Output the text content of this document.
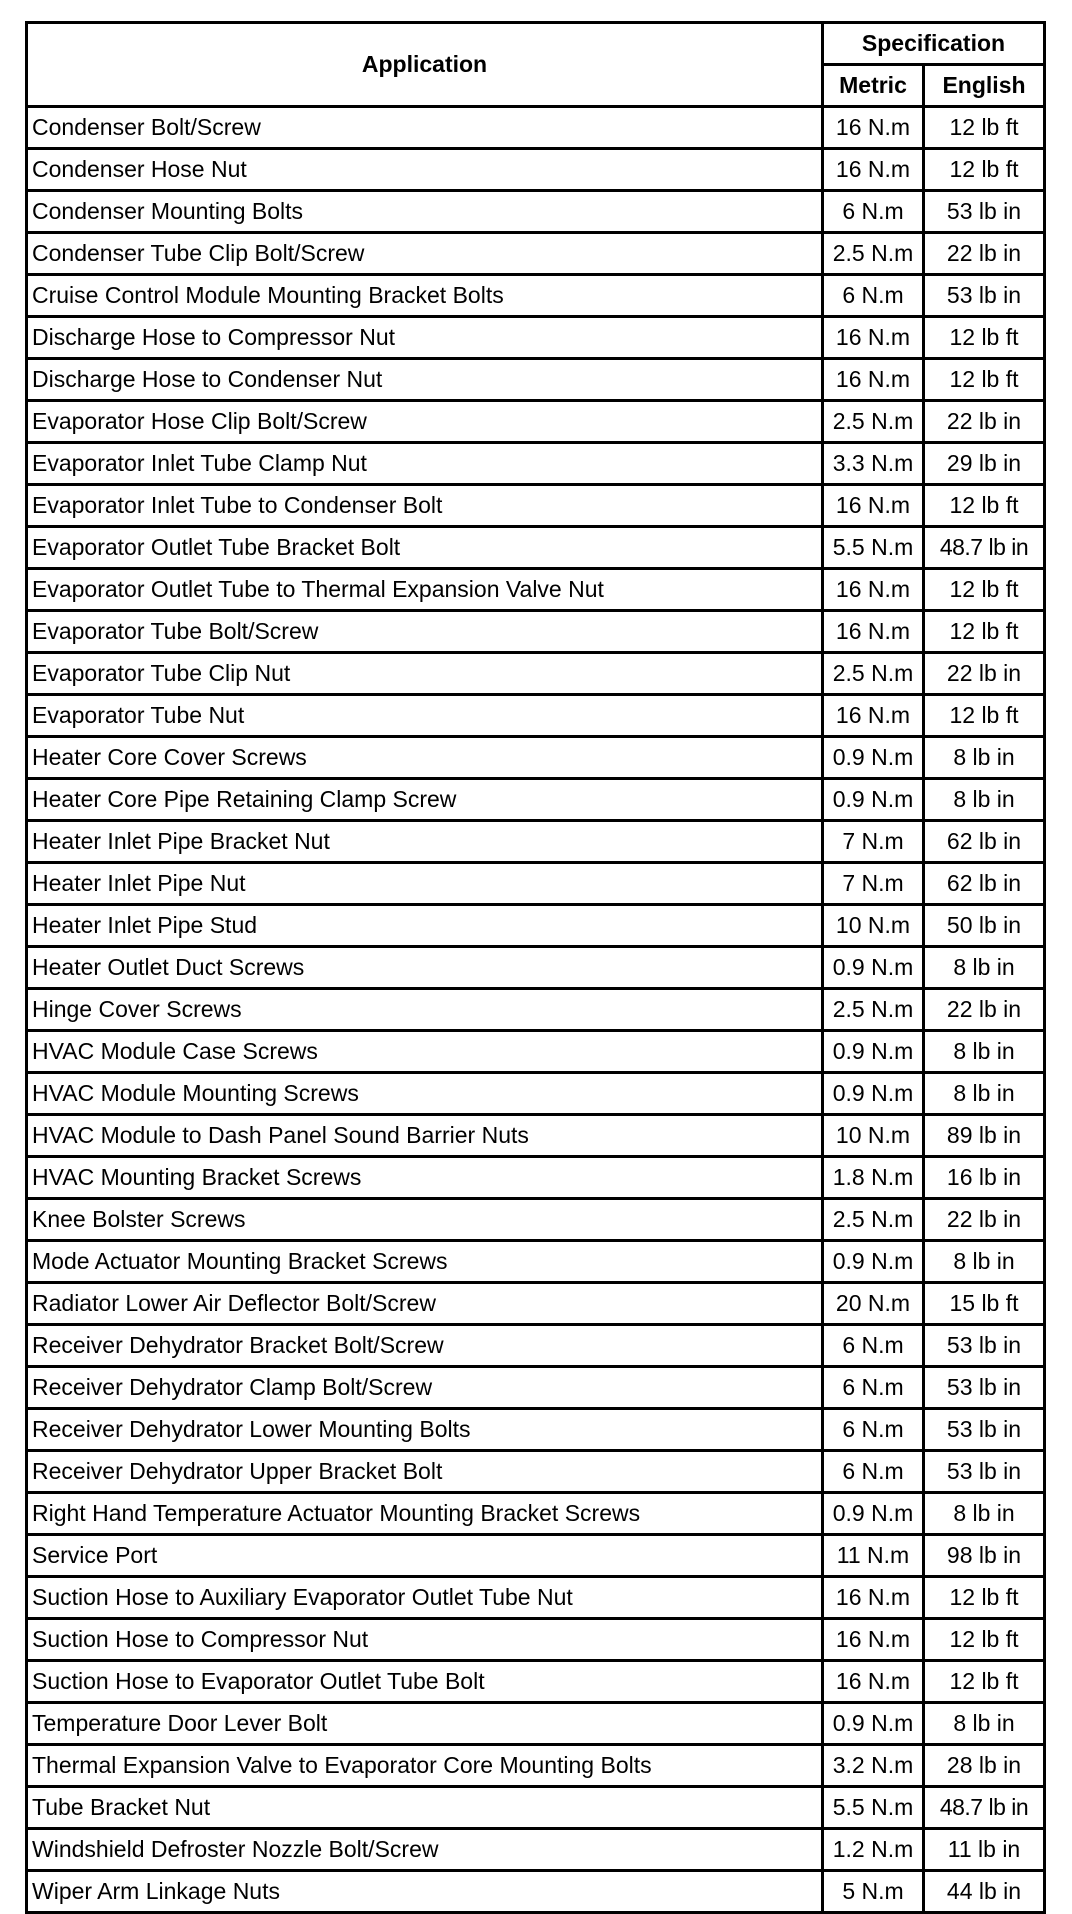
Application	Specification	
	Metric	English
Condenser Bolt/Screw	16 N.m	12 lb ft
Condenser Hose Nut	16 N.m	12 lb ft
Condenser Mounting Bolts	6 N.m	53 lb in
Condenser Tube Clip Bolt/Screw	2.5 N.m	22 lb in
Cruise Control Module Mounting Bracket Bolts	6 N.m	53 lb in
Discharge Hose to Compressor Nut	16 N.m	12 lb ft
Discharge Hose to Condenser Nut	16 N.m	12 lb ft
Evaporator Hose Clip Bolt/Screw	2.5 N.m	22 lb in
Evaporator Inlet Tube Clamp Nut	3.3 N.m	29 lb in
Evaporator Inlet Tube to Condenser Bolt	16 N.m	12 lb ft
Evaporator Outlet Tube Bracket Bolt	5.5 N.m	48.7 lb in
Evaporator Outlet Tube to Thermal Expansion Valve Nut	16 N.m	12 lb ft
Evaporator Tube Bolt/Screw	16 N.m	12 lb ft
Evaporator Tube Clip Nut	2.5 N.m	22 lb in
Evaporator Tube Nut	16 N.m	12 lb ft
Heater Core Cover Screws	0.9 N.m	8 lb in
Heater Core Pipe Retaining Clamp Screw	0.9 N.m	8 lb in
Heater Inlet Pipe Bracket Nut	7 N.m	62 lb in
Heater Inlet Pipe Nut	7 N.m	62 lb in
Heater Inlet Pipe Stud	10 N.m	50 lb in
Heater Outlet Duct Screws	0.9 N.m	8 lb in
Hinge Cover Screws	2.5 N.m	22 lb in
HVAC Module Case Screws	0.9 N.m	8 lb in
HVAC Module Mounting Screws	0.9 N.m	8 lb in
HVAC Module to Dash Panel Sound Barrier Nuts	10 N.m	89 lb in
HVAC Mounting Bracket Screws	1.8 N.m	16 lb in
Knee Bolster Screws	2.5 N.m	22 lb in
Mode Actuator Mounting Bracket Screws	0.9 N.m	8 lb in
Radiator Lower Air Deflector Bolt/Screw	20 N.m	15 lb ft
Receiver Dehydrator Bracket Bolt/Screw	6 N.m	53 lb in
Receiver Dehydrator Clamp Bolt/Screw	6 N.m	53 lb in
Receiver Dehydrator Lower Mounting Bolts	6 N.m	53 lb in
Receiver Dehydrator Upper Bracket Bolt	6 N.m	53 lb in
Right Hand Temperature Actuator Mounting Bracket Screws	0.9 N.m	8 lb in
Service Port	11 N.m	98 lb in
Suction Hose to Auxiliary Evaporator Outlet Tube Nut	16 N.m	12 lb ft
Suction Hose to Compressor Nut	16 N.m	12 lb ft
Suction Hose to Evaporator Outlet Tube Bolt	16 N.m	12 lb ft
Temperature Door Lever Bolt	0.9 N.m	8 lb in
Thermal Expansion Valve to Evaporator Core Mounting Bolts	3.2 N.m	28 lb in
Tube Bracket Nut	5.5 N.m	48.7 lb in
Windshield Defroster Nozzle Bolt/Screw	1.2 N.m	11 lb in
Wiper Arm Linkage Nuts	5 N.m	44 lb in
